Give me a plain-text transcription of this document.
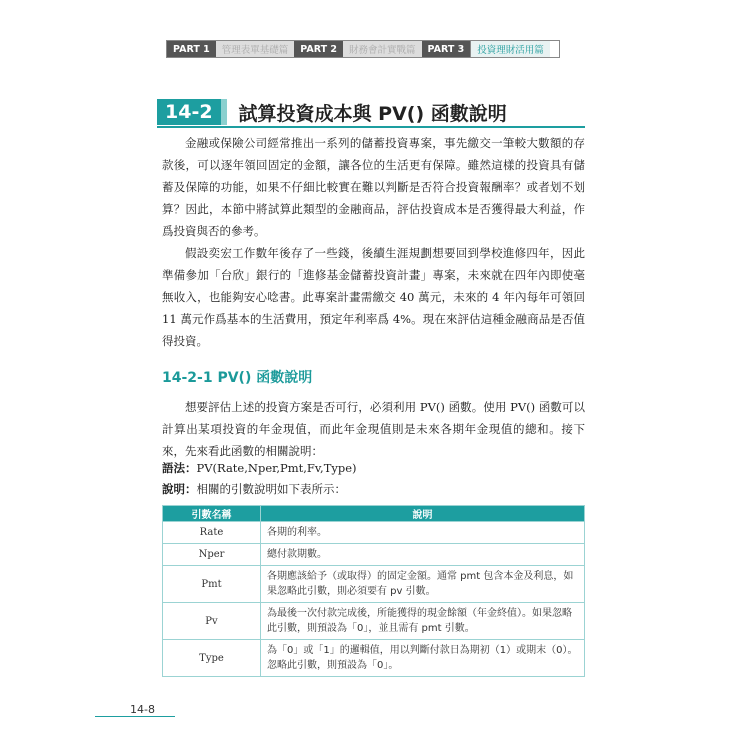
PART 1	管理表單基礎篇	PART 2	財務會計實戰篇	PART 3	投資理財活用篇
14-2	試算投資成本與 PV() 函數說明

金融或保險公司經常推出一系列的儲蓄投資專案，事先繳交一筆較大數額的存款後，可以逐年領回固定的金額，讓各位的生活更有保障。雖然這樣的投資具有儲蓄及保障的功能，如果不仔細比較實在難以判斷是否符合投資報酬率？或者划不划算？因此，本節中將試算此類型的金融商品，評估投資成本是否獲得最大利益，作爲投資與否的參考。

假設奕宏工作數年後存了一些錢，後續生涯規劃想要回到學校進修四年，因此準備參加「台欣」銀行的「進修基金儲蓄投資計畫」專案，未來就在四年內即使毫無收入，也能夠安心唸書。此專案計畫需繳交 40 萬元，未來的 4 年內每年可領回 11 萬元作爲基本的生活費用，預定年利率爲 4%。現在來評估這種金融商品是否值得投資。

14-2-1 PV() 函數說明

想要評估上述的投資方案是否可行，必須利用 PV() 函數。使用 PV() 函數可以計算出某項投資的年金現值，而此年金現值則是未來各期年金現值的總和。接下來，先來看此函數的相關說明：

語法：PV(Rate,Nper,Pmt,Fv,Type)
說明：相關的引數說明如下表所示：
引數名稱	說明
Rate	各期的利率。
Nper	總付款期數。
Pmt	各期應該給予（或取得）的固定金額。通常 pmt 包含本金及利息，如果忽略此引數，則必須要有 pv 引數。
Pv	為最後一次付款完成後，所能獲得的現金餘額（年金終值）。如果忽略此引數，則預設為「0」，並且需有 pmt 引數。
Type	為「0」或「1」的邏輯值，用以判斷付款日為期初（1）或期末（0）。忽略此引數，則預設為「0」。
14-8
